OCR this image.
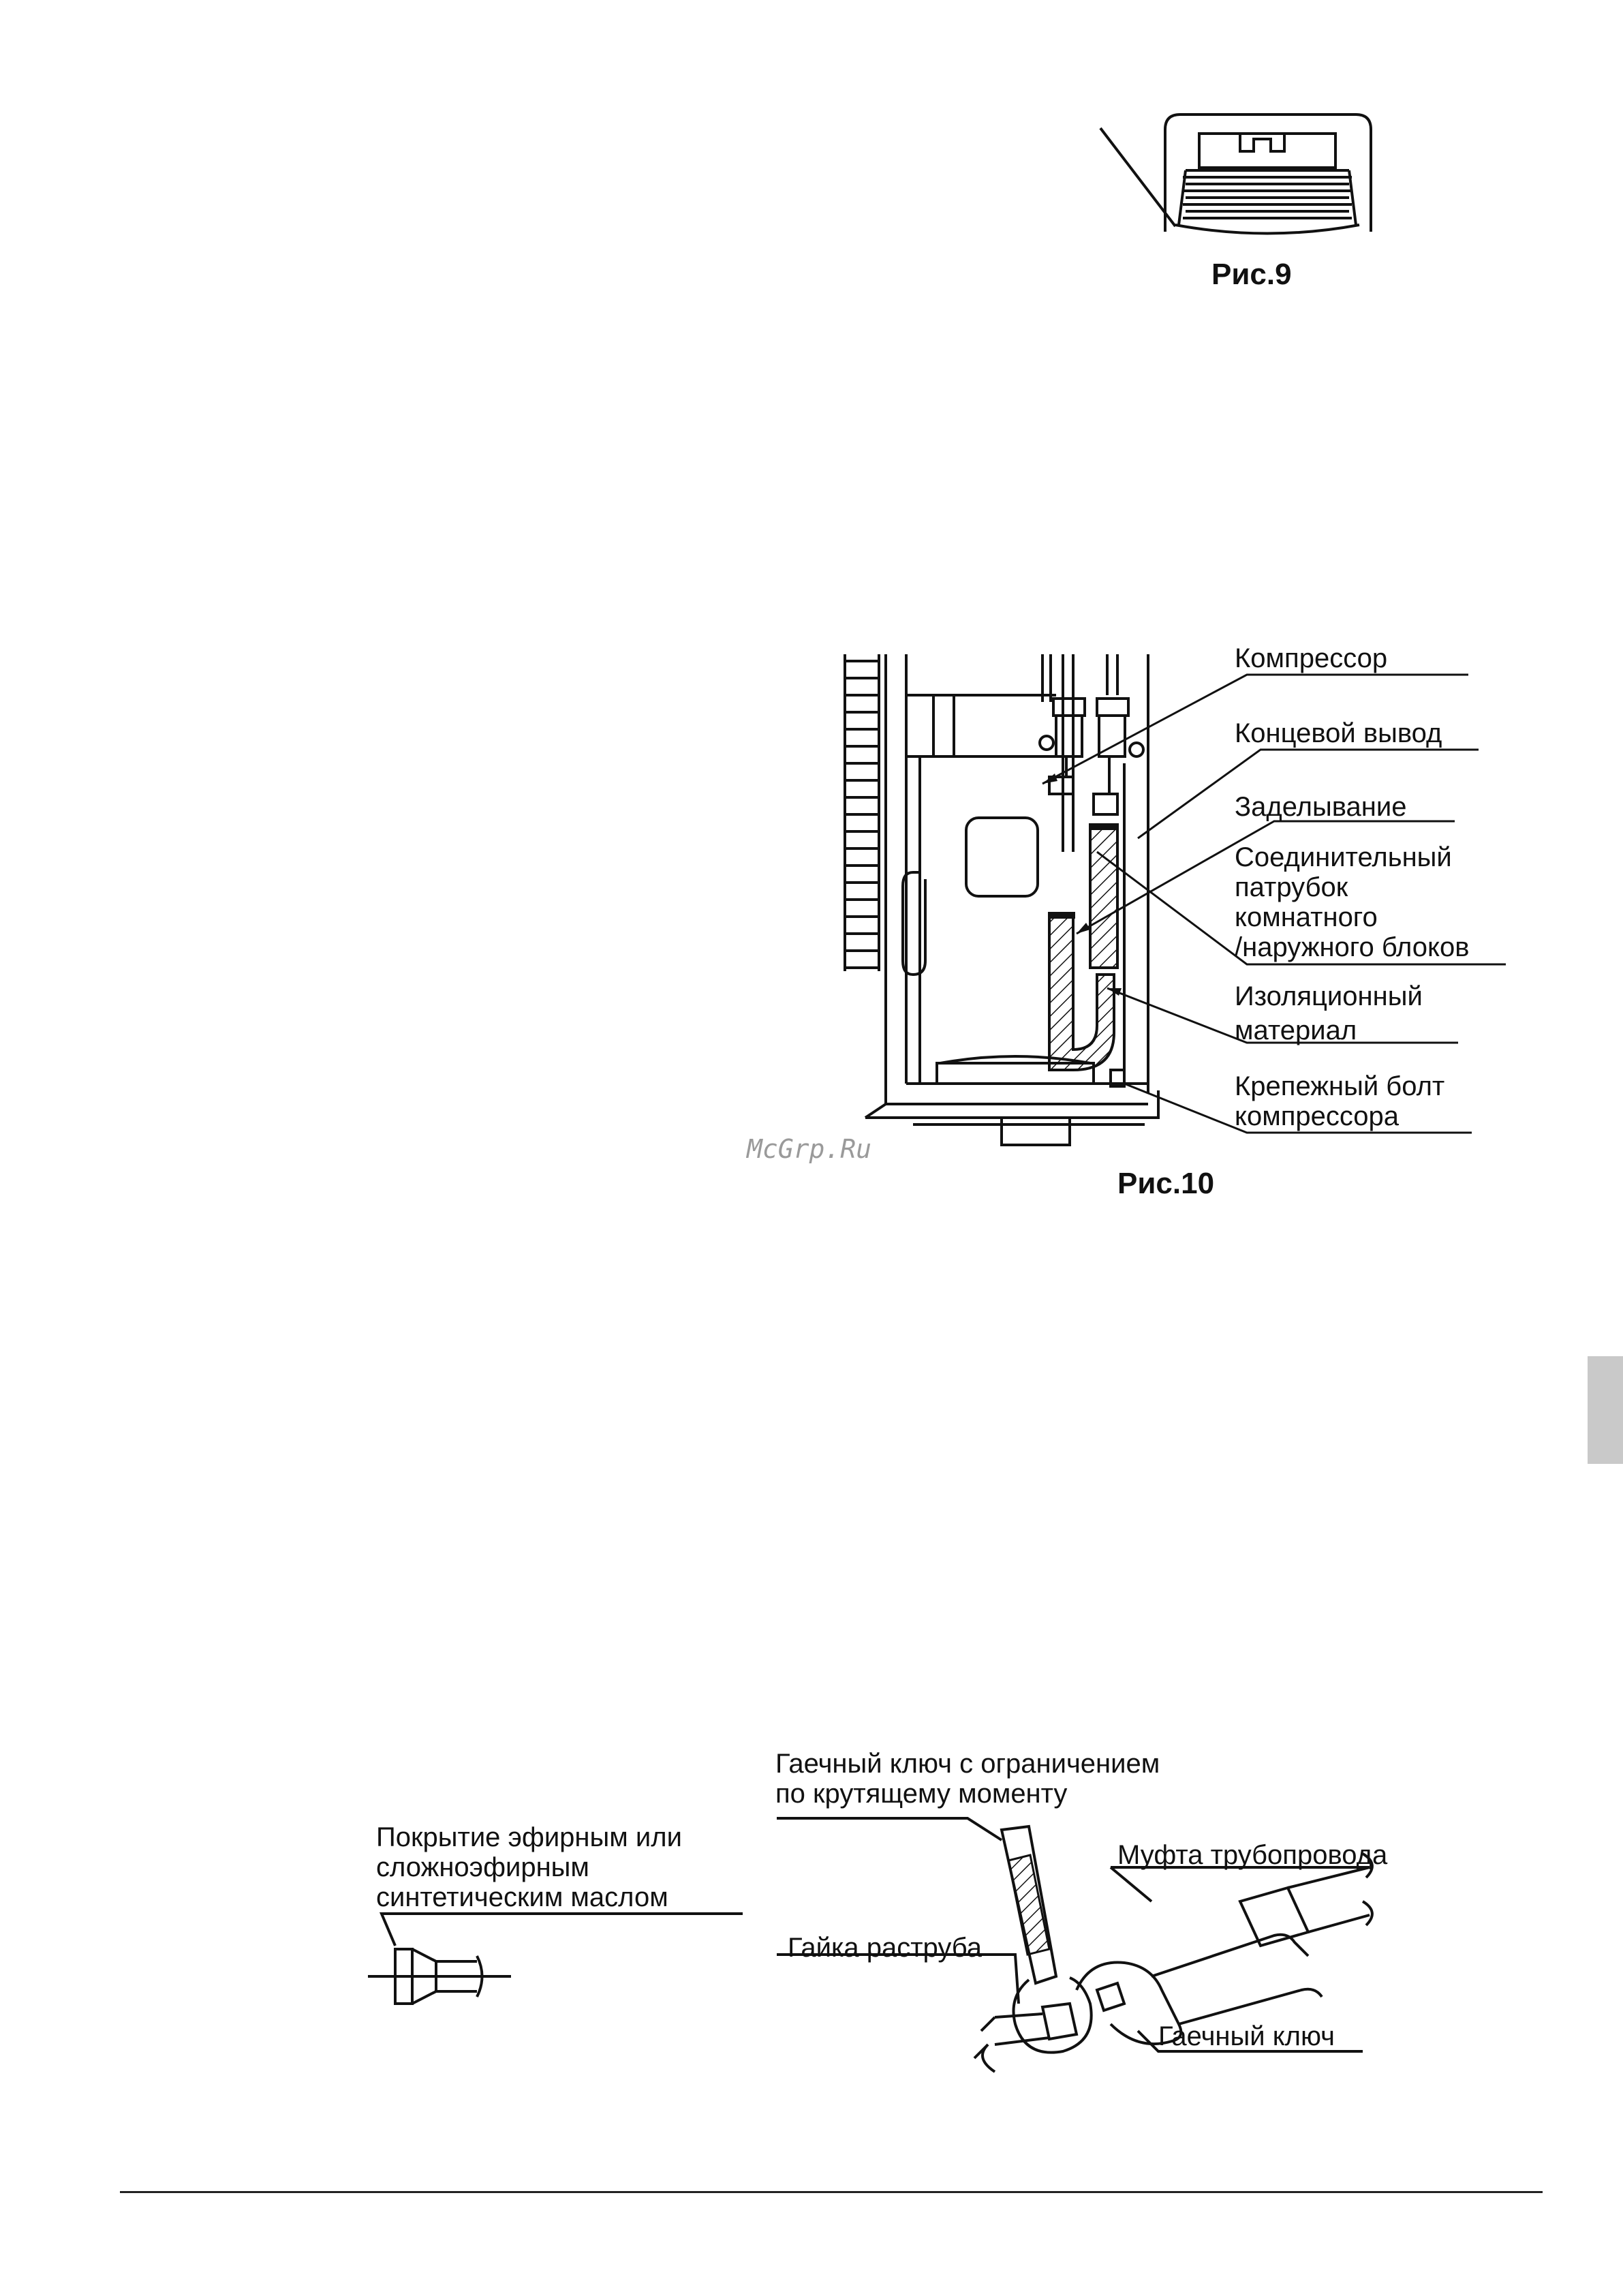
Рис.9
Компрессор
Концевой вывод
Заделывание
Соединительный
патрубок
комнатного
/наружного блоков
Изоляционный
материал
Крепежный болт
компрессора
McGrp.Ru
Рис.10
Покрытие эфирным или
сложноэфирным
синтетическим маслом
Гаечный ключ с ограничением
по крутящему моменту
Муфта трубопровода
Гайка раструба
Гаечный ключ
